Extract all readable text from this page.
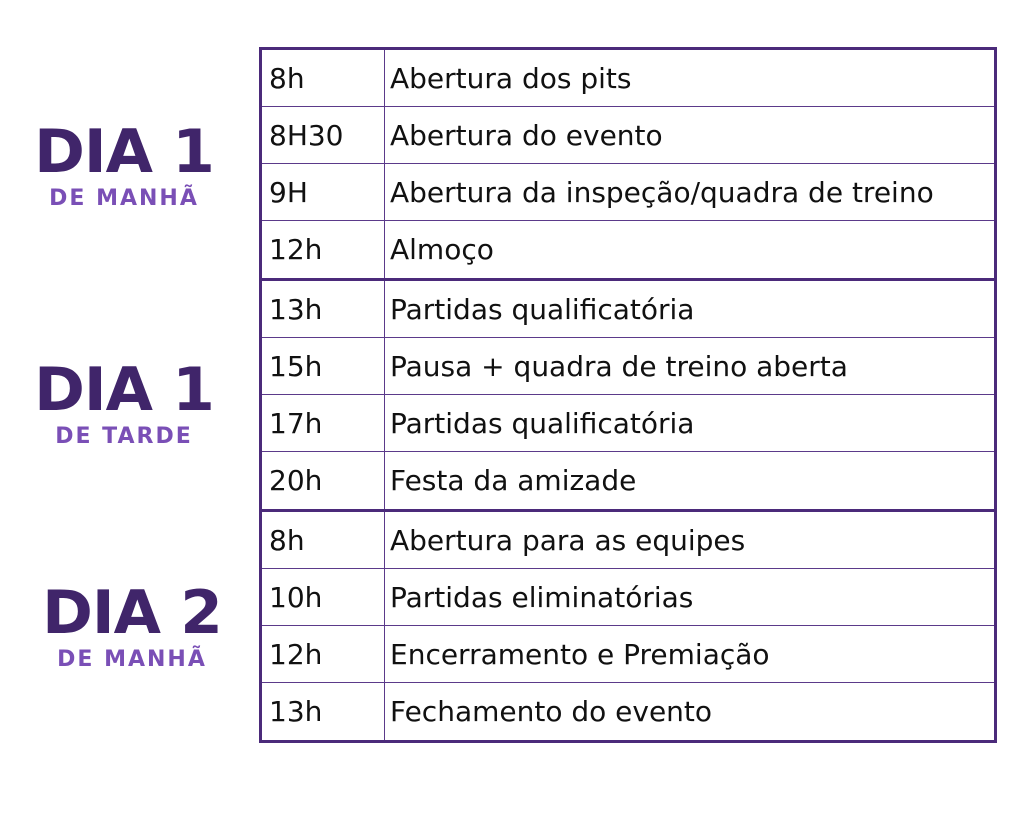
DIA 1
DE MANHÃ
DIA 1
DE TARDE
DIA 2
DE MANHÃ
8h	Abertura dos pits
8H30	Abertura do evento
9H	Abertura da inspeção/quadra de treino
12h	Almoço
13h	Partidas qualificatória
15h	Pausa + quadra de treino aberta
17h	Partidas qualificatória
20h	Festa da amizade
8h	Abertura para as equipes
10h	Partidas eliminatórias
12h	Encerramento e Premiação
13h	Fechamento do evento
